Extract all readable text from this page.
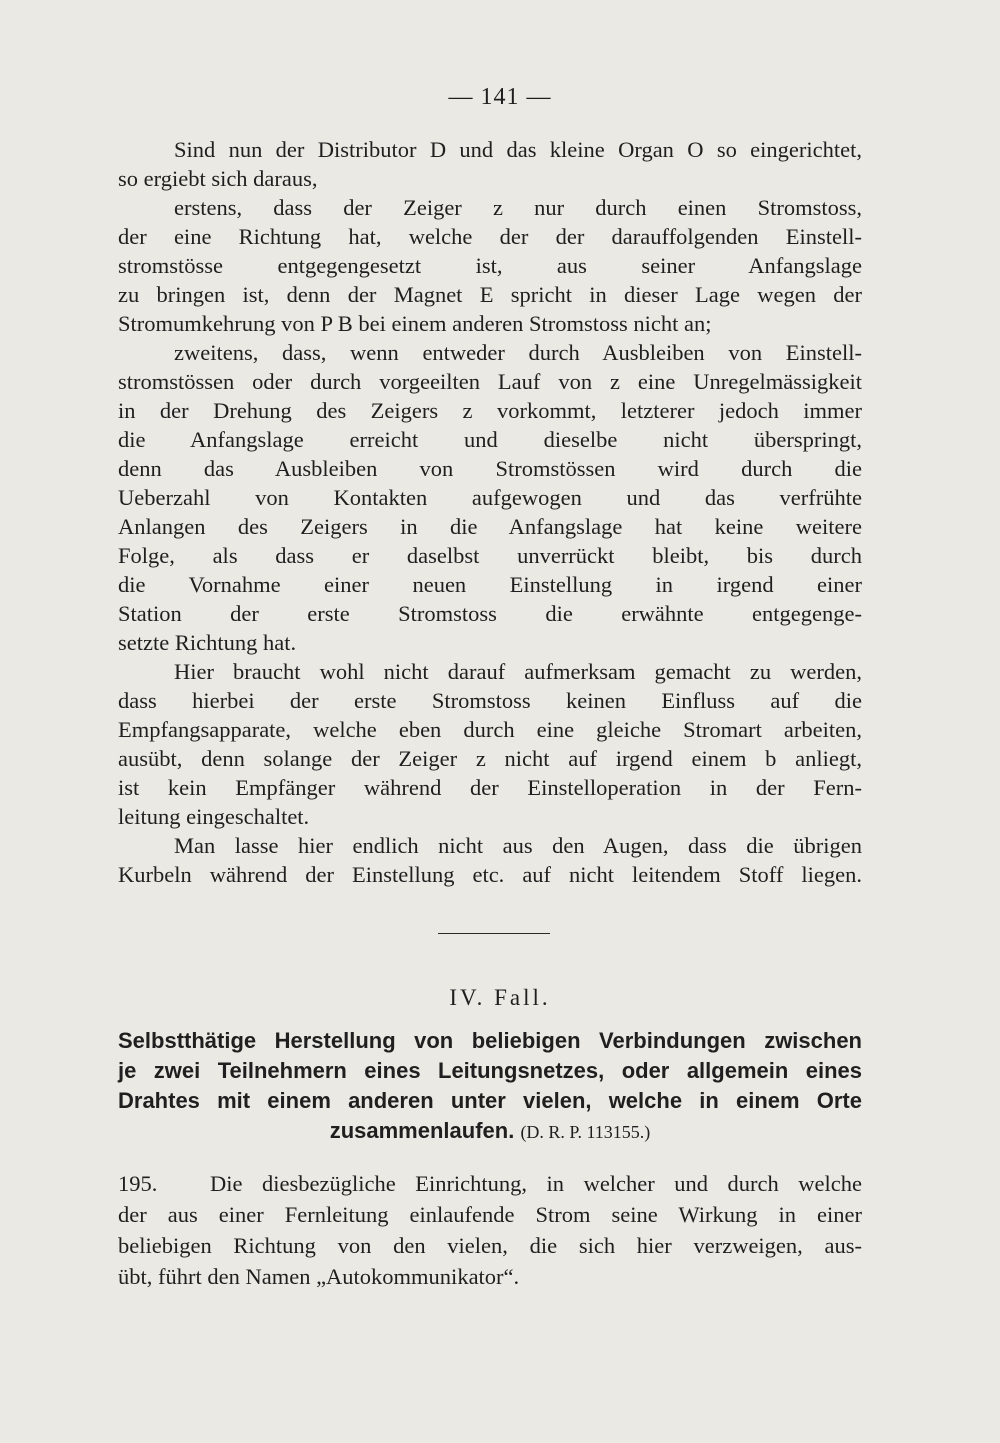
— 141 —
Sind nun der Distributor D und das kleine Organ O so eingerichtet,
so ergiebt sich daraus,
erstens, dass der Zeiger z nur durch einen Stromstoss,
der eine Richtung hat, welche der der darauffolgenden Einstell-
stromstösse entgegengesetzt ist, aus seiner Anfangslage
zu bringen ist, denn der Magnet E spricht in dieser Lage wegen der
Stromumkehrung von P B bei einem anderen Stromstoss nicht an;
zweitens, dass, wenn entweder durch Ausbleiben von Einstell-
stromstössen oder durch vorgeeilten Lauf von z eine Unregelmässigkeit
in der Drehung des Zeigers z vorkommt, letzterer jedoch immer
die Anfangslage erreicht und dieselbe nicht überspringt,
denn das Ausbleiben von Stromstössen wird durch die
Ueberzahl von Kontakten aufgewogen und das verfrühte
Anlangen des Zeigers in die Anfangslage hat keine weitere
Folge, als dass er daselbst unverrückt bleibt, bis durch
die Vornahme einer neuen Einstellung in irgend einer
Station der erste Stromstoss die erwähnte entgegenge-
setzte Richtung hat.
Hier braucht wohl nicht darauf aufmerksam gemacht zu werden,
dass hierbei der erste Stromstoss keinen Einfluss auf die
Empfangsapparate, welche eben durch eine gleiche Stromart arbeiten,
ausübt, denn solange der Zeiger z nicht auf irgend einem b anliegt,
ist kein Empfänger während der Einstelloperation in der Fern-
leitung eingeschaltet.
Man lasse hier endlich nicht aus den Augen, dass die übrigen
Kurbeln während der Einstellung etc. auf nicht leitendem Stoff liegen.
IV. Fall.
Selbstthätige Herstellung von beliebigen Verbindungen zwischen
je zwei Teilnehmern eines Leitungsnetzes, oder allgemein eines
Drahtes mit einem anderen unter vielen, welche in einem Orte
zusammenlaufen. (D. R. P. 113155.)
195. Die diesbezügliche Einrichtung, in welcher und durch welche
der aus einer Fernleitung einlaufende Strom seine Wirkung in einer
beliebigen Richtung von den vielen, die sich hier verzweigen, aus-
übt, führt den Namen „Autokommunikator“.
